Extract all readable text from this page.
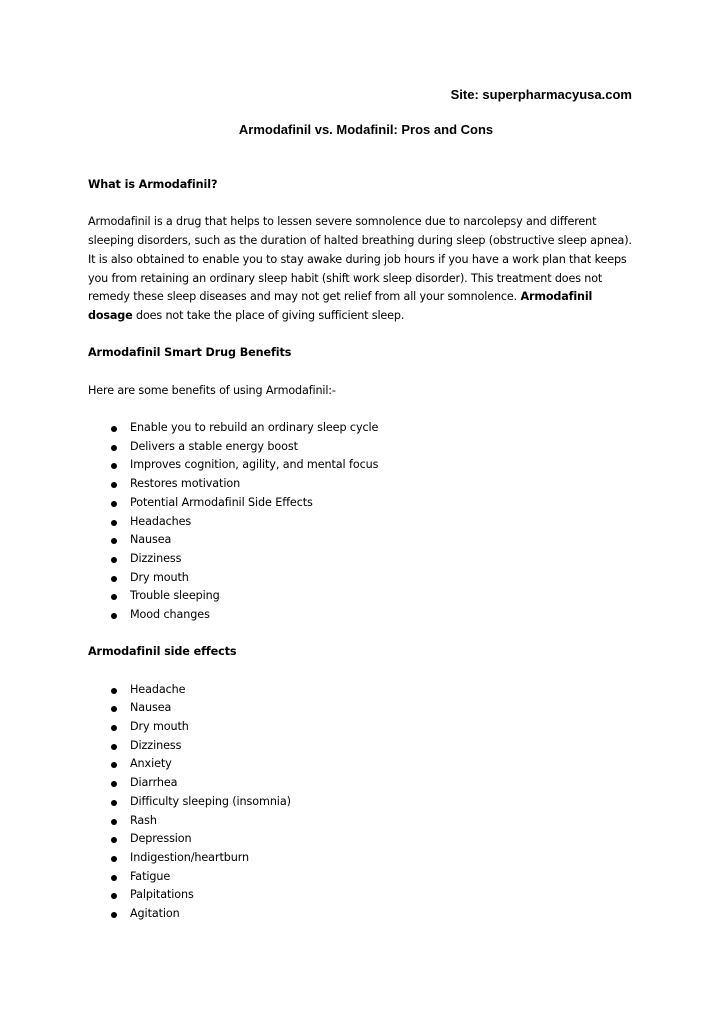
Site: superpharmacyusa.com
Armodafinil vs. Modafinil: Pros and Cons

What is Armodafinil?

Armodafinil is a drug that helps to lessen severe somnolence due to narcolepsy and different sleeping disorders, such as the duration of halted breathing during sleep (obstructive sleep apnea). It is also obtained to enable you to stay awake during job hours if you have a work plan that keeps you from retaining an ordinary sleep habit (shift work sleep disorder). This treatment does not remedy these sleep diseases and may not get relief from all your somnolence. Armodafinil dosage does not take the place of giving sufficient sleep.

Armodafinil Smart Drug Benefits

Here are some benefits of using Armodafinil:-

Enable you to rebuild an ordinary sleep cycle
Delivers a stable energy boost
Improves cognition, agility, and mental focus
Restores motivation
Potential Armodafinil Side Effects
Headaches
Nausea
Dizziness
Dry mouth
Trouble sleeping
Mood changes

Armodafinil side effects

Headache
Nausea
Dry mouth
Dizziness
Anxiety
Diarrhea
Difficulty sleeping (insomnia)
Rash
Depression
Indigestion/heartburn
Fatigue
Palpitations
Agitation
